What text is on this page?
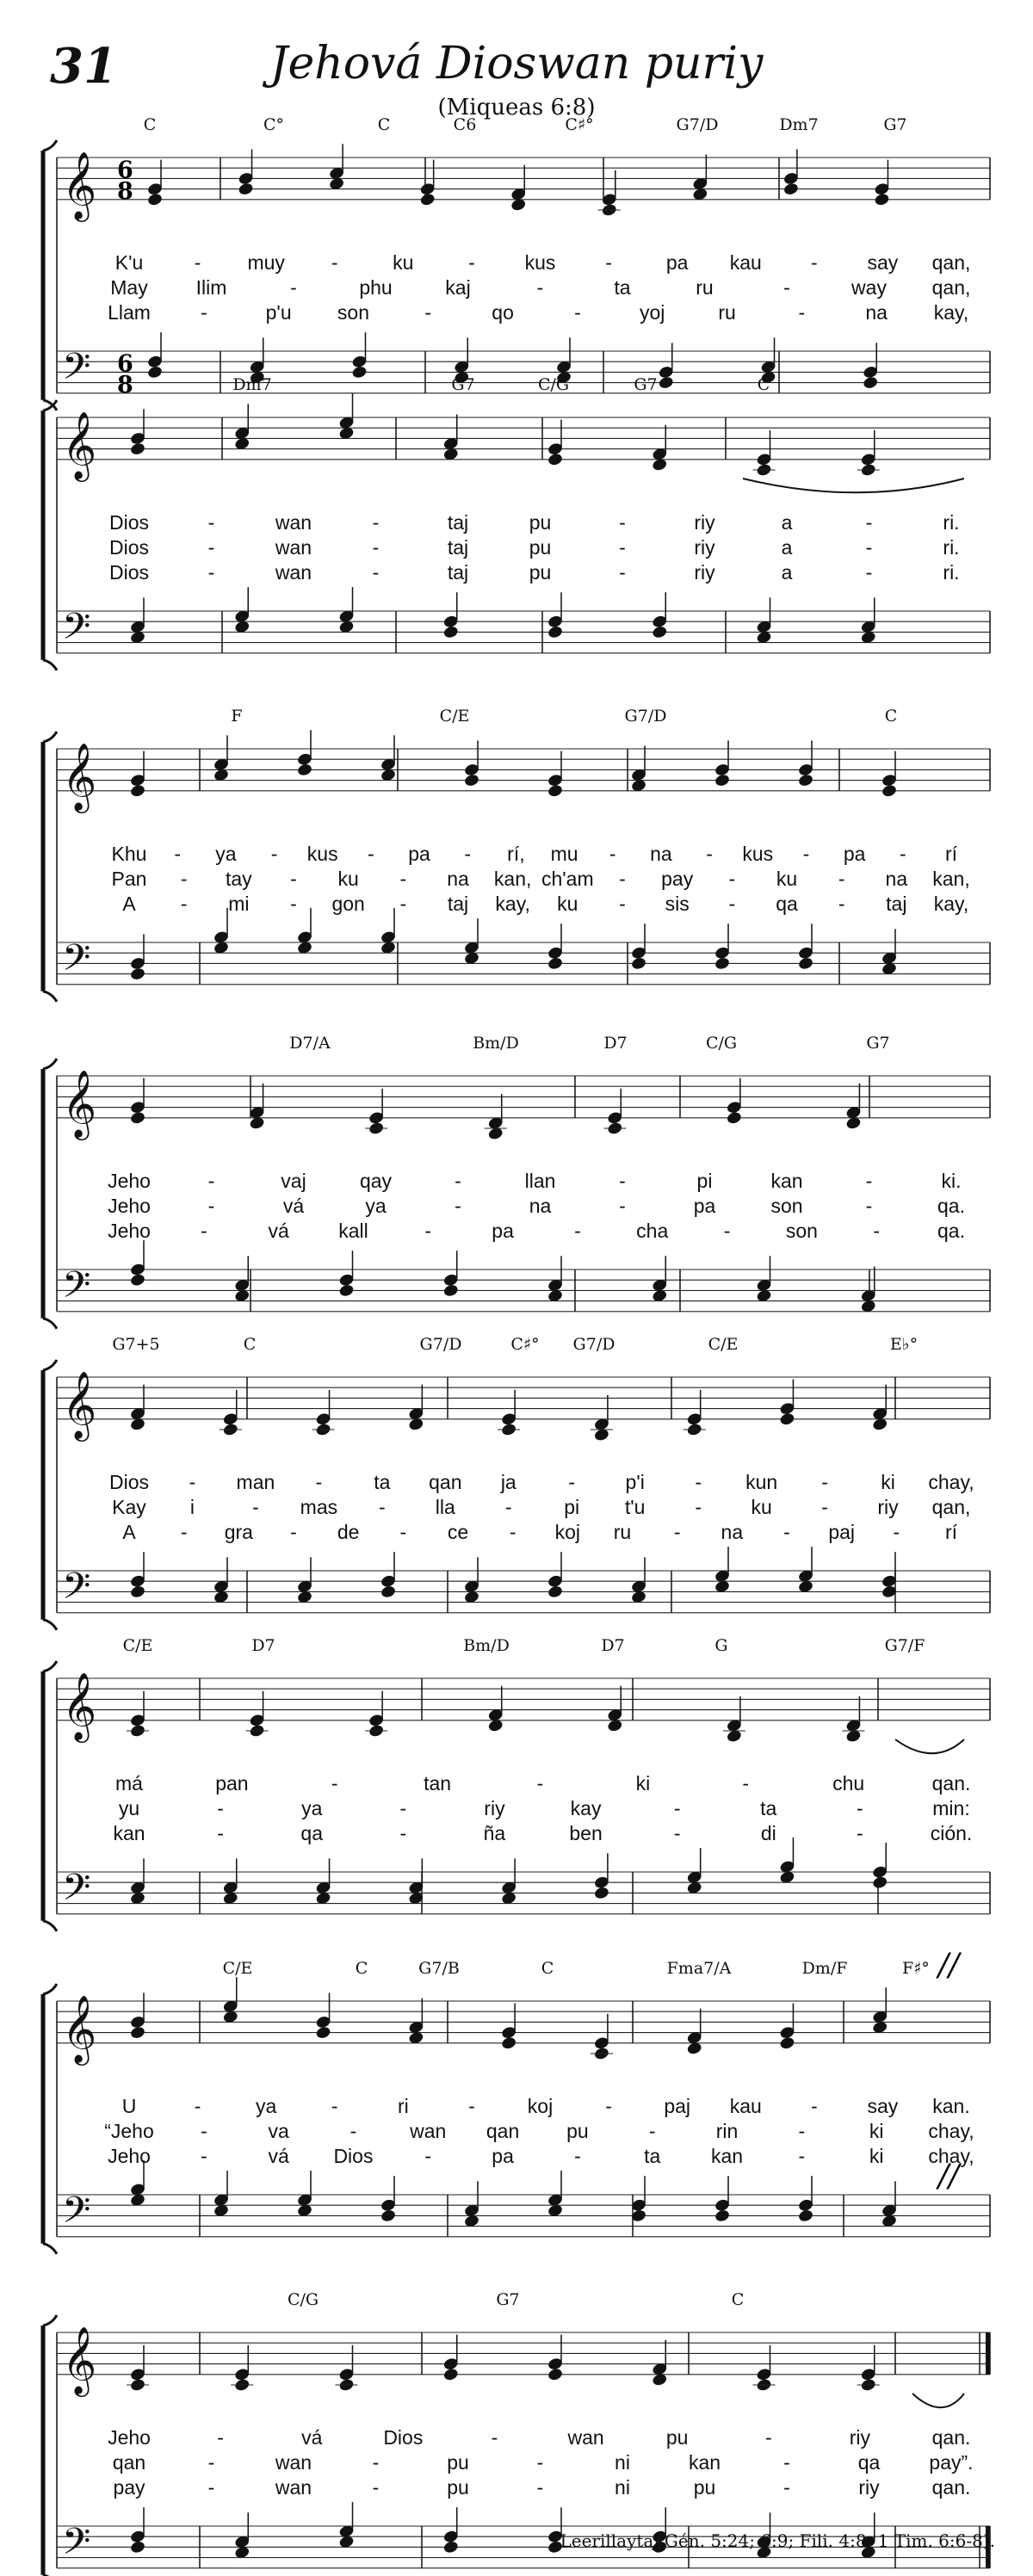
31	Jehová Dioswan puriy
(Miqueas 6:8)
𝄞
𝄢
6
8
6
8
C	C°	C	C6	C♯°	G7/D	Dm7	G7
K'u	- muy -	ku	-	kus	-	pa kau -	say qan,
May Ilim	-	phu	kaj	-	ta	ru	-	way qan,
Llam	-	p'u son	-	qo	-	yoj	ru	-	na kay,
𝄞
𝄢
Dm7	G7	C/G	G7	C
Dios	-	wan	-	taj	pu	-	riy	a	-	ri.
Dios	-	wan	-	taj	pu	-	riy	a	-	ri.
Dios	-	wan	-	taj	pu	-	riy	a	-	ri.
𝄞
𝄢
F	C/E	G7/D	C
Khu - ya - kus - pa - rí, mu - na - kus - pa - rí
Pan - tay - ku - na kan, ch'am - pay - ku - na kan,
A - mi - gon - taj kay, ku - sis - qa - taj kay,
𝄞
𝄢
D7/A	Bm/D	D7	C/G	G7
Jeho	-	vaj	qay	-	llan	-	pi	kan	-	ki.
Jeho	-	vá	ya	-	na	-	pa	son	-	qa.
Jeho	-	vá kall	-	pa	-	cha	-	son	-	qa.
𝄞
𝄢
G7+5	C	G7/D	C♯° G7/D	C/E	E♭°
Dios - man -	ta qan ja	-	p'i	- kun -	ki chay,
Kay i	- mas -	lla	-	pi t'u	- ku - riy qan,
A - gra - de - ce - koj ru - na - paj - rí
𝄞
𝄢
C/E	D7	Bm/D	D7	G	G7/F
má	pan	-	tan	-	ki	-	chu	qan.
yu	-	ya	-	riy	kay	-	ta	-	min:
kan	-	qa	-	ña	ben	-	di	-	ción.
𝄞
𝄢
C/E	C	G7/B	C	Fma7/A	Dm/F	F♯°
U	-	ya	-	ri	-	koj	-	paj kau -	say kan.
“Jeho -	va	-	wan qan pu	-	rin	-	ki chay,
Jeho	-	vá Dios	-	pa	-	ta	kan	-	ki chay,
//
//
𝄞
𝄢
C/G	G7	C
Jeho	-	vá	Dios	-	wan	pu	-	riy	qan.
qan	-	wan	-	pu	-	ni	kan	-	qa pay”.
pay	-	wan	-	pu	-	ni	pu	-	riy	qan.
(Leerillaytaj Gén. 5:24; 6:9; Fili. 4:8; 1 Tim. 6:6-8).
